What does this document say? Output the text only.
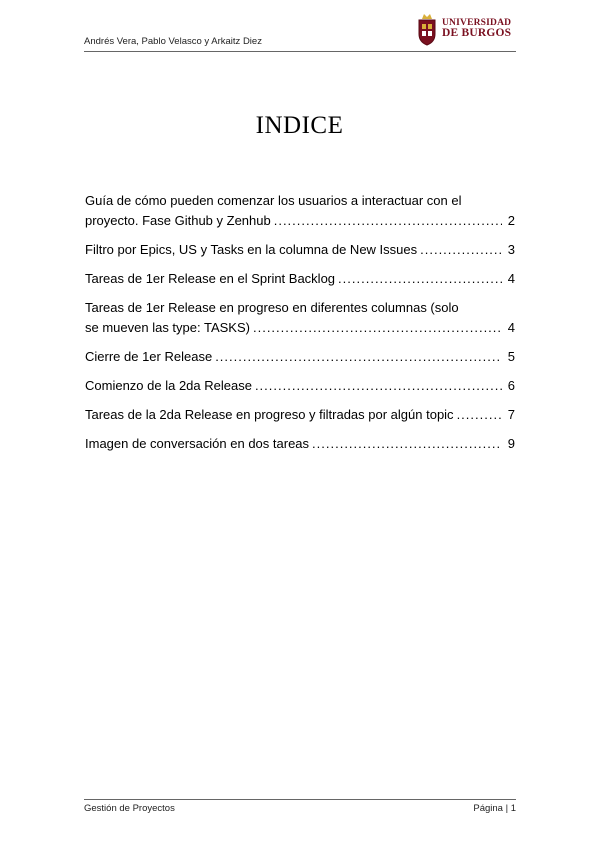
Andrés Vera, Pablo Velasco y Arkaitz Diez
UNIVERSIDAD
DE BURGOS
INDICE
Guía de cómo pueden comenzar los usuarios a interactuar con el
proyecto. Fase Github y Zenhub .....	2
Filtro por Epics, US y Tasks en la columna de New Issues .....	3
Tareas de 1er Release en el Sprint Backlog .....	4
Tareas de 1er Release en progreso en diferentes columnas (solo
se mueven las type: TASKS) .....	4
Cierre de 1er Release .....	5
Comienzo de la 2da Release .....	6
Tareas de la 2da Release en progreso y filtradas por algún topic .....	7
Imagen de conversación en dos tareas .....	9
Gestión de Proyectos	Página | 1
